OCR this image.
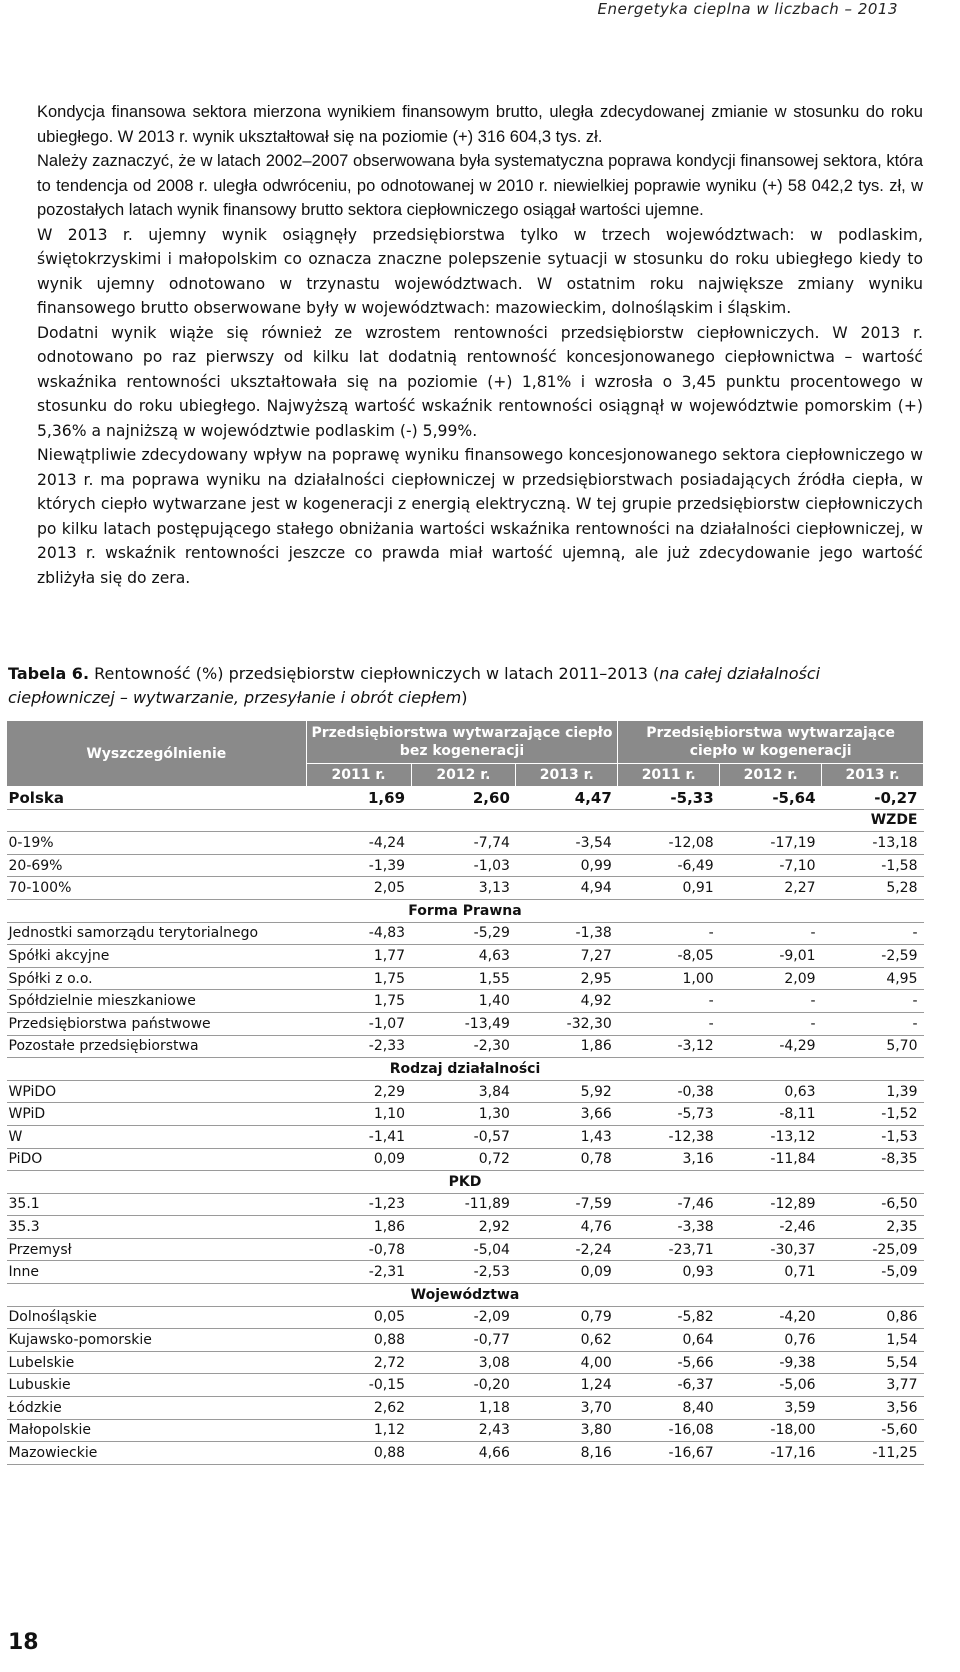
Energetyka cieplna w liczbach – 2013

Kondycja finansowa sektora mierzona wynikiem finansowym brutto, uległa zdecydowanej zmianie w stosunku do roku ubiegłego. W 2013 r. wynik ukształtował się na poziomie (+) 316 604,3 tys. zł.

Należy zaznaczyć, że w latach 2002–2007 obserwowana była systematyczna poprawa kondycji finansowej sektora, która to tendencja od 2008 r. uległa odwróceniu, po odnotowanej w 2010 r. niewielkiej poprawie wyniku (+) 58 042,2 tys. zł, w pozostałych latach wynik finansowy brutto sektora ciepłowniczego osiągał wartości ujemne.

W 2013 r. ujemny wynik osiągnęły przedsiębiorstwa tylko w trzech województwach: w podlaskim, świętokrzyskimi i małopolskim co oznacza znaczne polepszenie sytuacji w stosunku do roku ubiegłego kiedy to wynik ujemny odnotowano w trzynastu województwach. W ostatnim roku największe zmiany wyniku finansowego brutto obserwowane były w województwach: mazowieckim, dolnośląskim i śląskim.

Dodatni wynik wiąże się również ze wzrostem rentowności przedsiębiorstw ciepłowniczych. W 2013 r. odnotowano po raz pierwszy od kilku lat dodatnią rentowność koncesjonowanego ciepłownictwa – wartość wskaźnika rentowności ukształtowała się na poziomie (+) 1,81% i wzrosła o 3,45 punktu procentowego w stosunku do roku ubiegłego. Najwyższą wartość wskaźnik rentowności osiągnął w województwie pomorskim (+) 5,36% a najniższą w województwie podlaskim (-) 5,99%.

Niewątpliwie zdecydowany wpływ na poprawę wyniku finansowego koncesjonowanego sektora ciepłowniczego w 2013 r. ma poprawa wyniku na działalności ciepłowniczej w przedsiębiorstwach posiadających źródła ciepła, w których ciepło wytwarzane jest w kogeneracji z energią elektryczną. W tej grupie przedsiębiorstw ciepłowniczych po kilku latach postępującego stałego obniżania wartości wskaźnika rentowności na działalności ciepłowniczej, w 2013 r. wskaźnik rentowności jeszcze co prawda miał wartość ujemną, ale już zdecydowanie jego wartość zbliżyła się do zera.

Tabela 6. Rentowność (%) przedsiębiorstw ciepłowniczych w latach 2011–2013 (na całej działalności ciepłowniczej – wytwarzanie, przesyłanie i obrót ciepłem)
Wyszczególnienie	Przedsiębiorstwa wytwarzające ciepło bez kogeneracji			Przedsiębiorstwa wytwarzające ciepło w kogeneracji		
	2011 r.	2012 r.	2013 r.	2011 r.	2012 r.	2013 r.
Polska	1,69	2,60	4,47	-5,33	-5,64	-0,27
WZDE						
0-19%	-4,24	-7,74	-3,54	-12,08	-17,19	-13,18
20-69%	-1,39	-1,03	0,99	-6,49	-7,10	-1,58
70-100%	2,05	3,13	4,94	0,91	2,27	5,28
Forma Prawna						
Jednostki samorządu terytorialnego	-4,83	-5,29	-1,38	-	-	-
Spółki akcyjne	1,77	4,63	7,27	-8,05	-9,01	-2,59
Spółki z o.o.	1,75	1,55	2,95	1,00	2,09	4,95
Spółdzielnie mieszkaniowe	1,75	1,40	4,92	-	-	-
Przedsiębiorstwa państwowe	-1,07	-13,49	-32,30	-	-	-
Pozostałe przedsiębiorstwa	-2,33	-2,30	1,86	-3,12	-4,29	5,70
Rodzaj działalności						
WPiDO	2,29	3,84	5,92	-0,38	0,63	1,39
WPiD	1,10	1,30	3,66	-5,73	-8,11	-1,52
W	-1,41	-0,57	1,43	-12,38	-13,12	-1,53
PiDO	0,09	0,72	0,78	3,16	-11,84	-8,35
PKD						
35.1	-1,23	-11,89	-7,59	-7,46	-12,89	-6,50
35.3	1,86	2,92	4,76	-3,38	-2,46	2,35
Przemysł	-0,78	-5,04	-2,24	-23,71	-30,37	-25,09
Inne	-2,31	-2,53	0,09	0,93	0,71	-5,09
Województwa						
Dolnośląskie	0,05	-2,09	0,79	-5,82	-4,20	0,86
Kujawsko-pomorskie	0,88	-0,77	0,62	0,64	0,76	1,54
Lubelskie	2,72	3,08	4,00	-5,66	-9,38	5,54
Lubuskie	-0,15	-0,20	1,24	-6,37	-5,06	3,77
Łódzkie	2,62	1,18	3,70	8,40	3,59	3,56
Małopolskie	1,12	2,43	3,80	-16,08	-18,00	-5,60
Mazowieckie	0,88	4,66	8,16	-16,67	-17,16	-11,25
18
